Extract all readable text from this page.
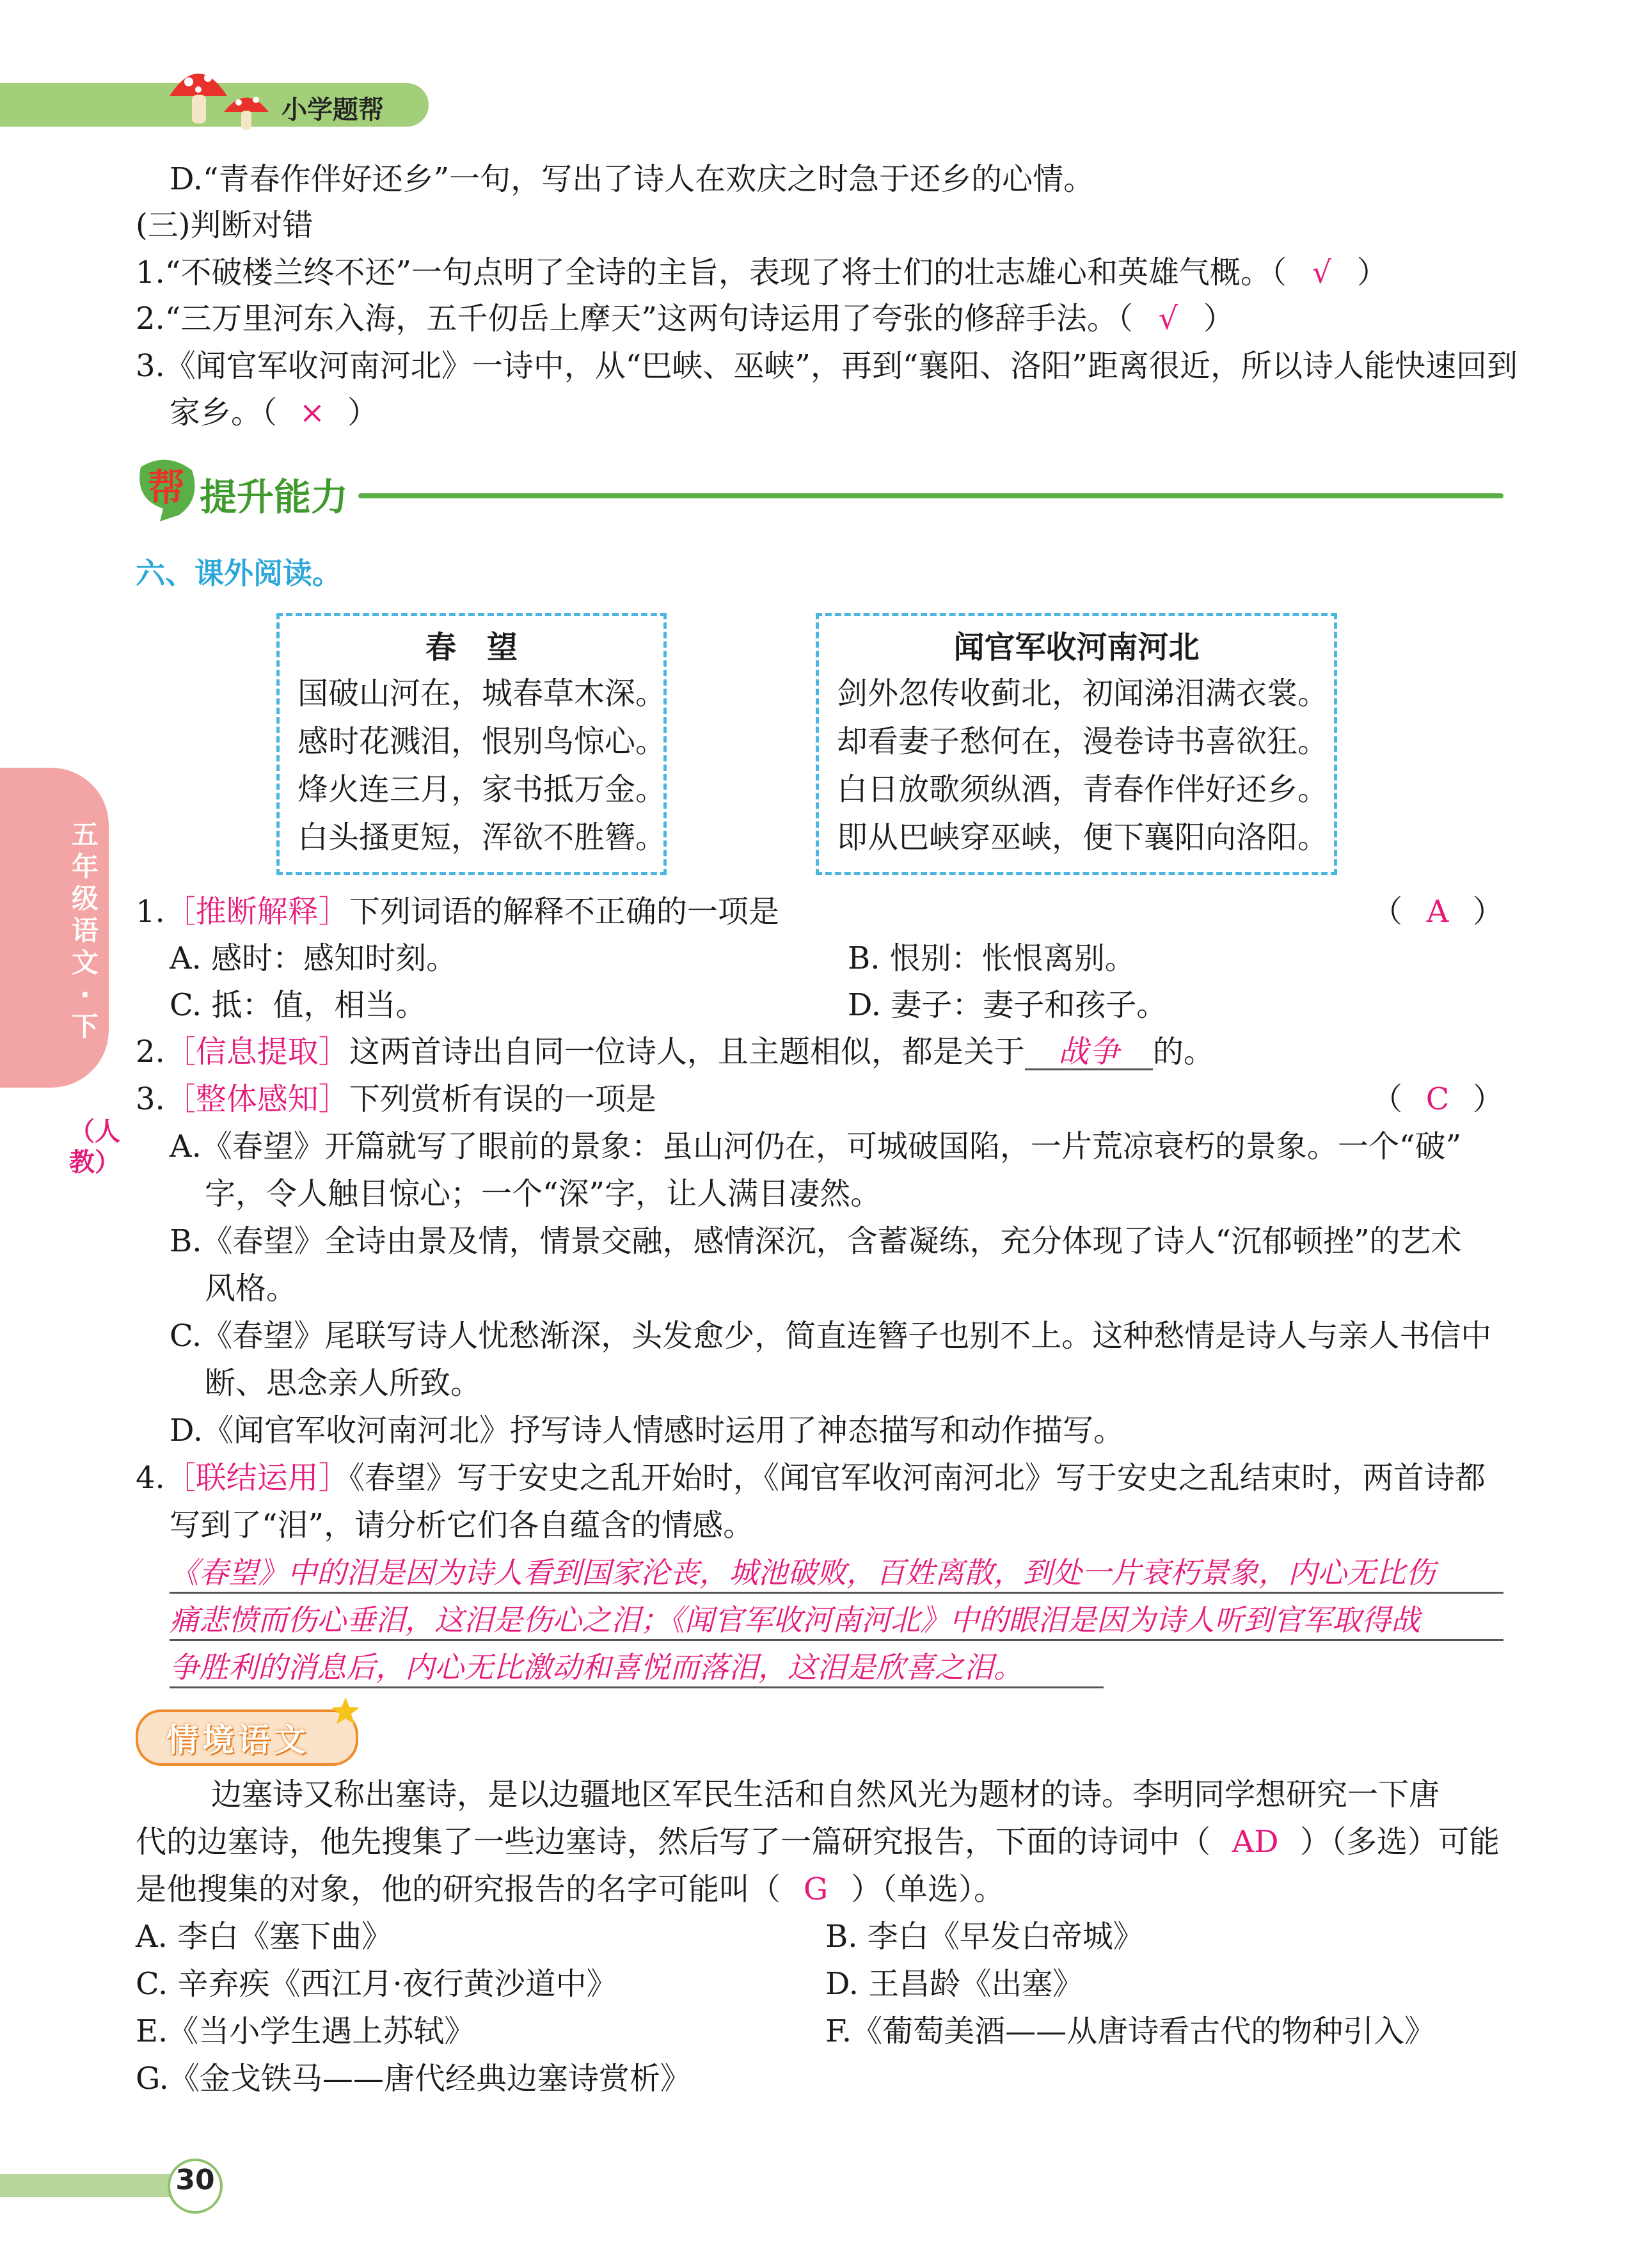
小学题帮
D.“青春作伴好还乡”一句，写出了诗人在欢庆之时急于还乡的心情。
(三)判断对错
1.“不破楼兰终不还”一句点明了全诗的主旨，表现了将士们的壮志雄心和英雄气概。（ √ ）
2.“三万里河东入海，五千仞岳上摩天”这两句诗运用了夸张的修辞手法。（ √ ）
3.《闻官军收河南河北》一诗中，从“巴峡、巫峡”，再到“襄阳、洛阳”距离很近，所以诗人能快速回到
家乡。（ × ）
帮 提升能力
六、课外阅读。
春　望
国破山河在，城春草木深。
感时花溅泪，恨别鸟惊心。
烽火连三月，家书抵万金。
白头搔更短，浑欲不胜簪。
闻官军收河南河北
剑外忽传收蓟北，初闻涕泪满衣裳。
却看妻子愁何在，漫卷诗书喜欲狂。
白日放歌须纵酒，青春作伴好还乡。
即从巴峡穿巫峡，便下襄阳向洛阳。
五年级语文·下
（人教）
1.［推断解释］下列词语的解释不正确的一项是	（ A ）
A. 感时：感知时刻。	B. 恨别：怅恨离别。
C. 抵：值，相当。	D. 妻子：妻子和孩子。
2.［信息提取］这两首诗出自同一位诗人，且主题相似，都是关于 战争 的。
3.［整体感知］下列赏析有误的一项是	（ C ）
A.《春望》开篇就写了眼前的景象：虽山河仍在，可城破国陷，一片荒凉衰朽的景象。一个“破”
字，令人触目惊心；一个“深”字，让人满目凄然。
B.《春望》全诗由景及情，情景交融，感情深沉，含蓄凝练，充分体现了诗人“沉郁顿挫”的艺术
风格。
C.《春望》尾联写诗人忧愁渐深，头发愈少，简直连簪子也别不上。这种愁情是诗人与亲人书信中
断、思念亲人所致。
D.《闻官军收河南河北》抒写诗人情感时运用了神态描写和动作描写。
4.［联结运用］《春望》写于安史之乱开始时，《闻官军收河南河北》写于安史之乱结束时，两首诗都
写到了“泪”，请分析它们各自蕴含的情感。
《春望》中的泪是因为诗人看到国家沦丧，城池破败，百姓离散，到处一片衰朽景象，内心无比伤
痛悲愤而伤心垂泪，这泪是伤心之泪；《闻官军收河南河北》中的眼泪是因为诗人听到官军取得战
争胜利的消息后，内心无比激动和喜悦而落泪，这泪是欣喜之泪。
情境语文
边塞诗又称出塞诗，是以边疆地区军民生活和自然风光为题材的诗。李明同学想研究一下唐
代的边塞诗，他先搜集了一些边塞诗，然后写了一篇研究报告，下面的诗词中（ AD ）（多选）可能
是他搜集的对象，他的研究报告的名字可能叫（ G ）（单选）。
A. 李白《塞下曲》	B. 李白《早发白帝城》
C. 辛弃疾《西江月·夜行黄沙道中》	D. 王昌龄《出塞》
E.《当小学生遇上苏轼》	F.《葡萄美酒——从唐诗看古代的物种引入》
G.《金戈铁马——唐代经典边塞诗赏析》
30
